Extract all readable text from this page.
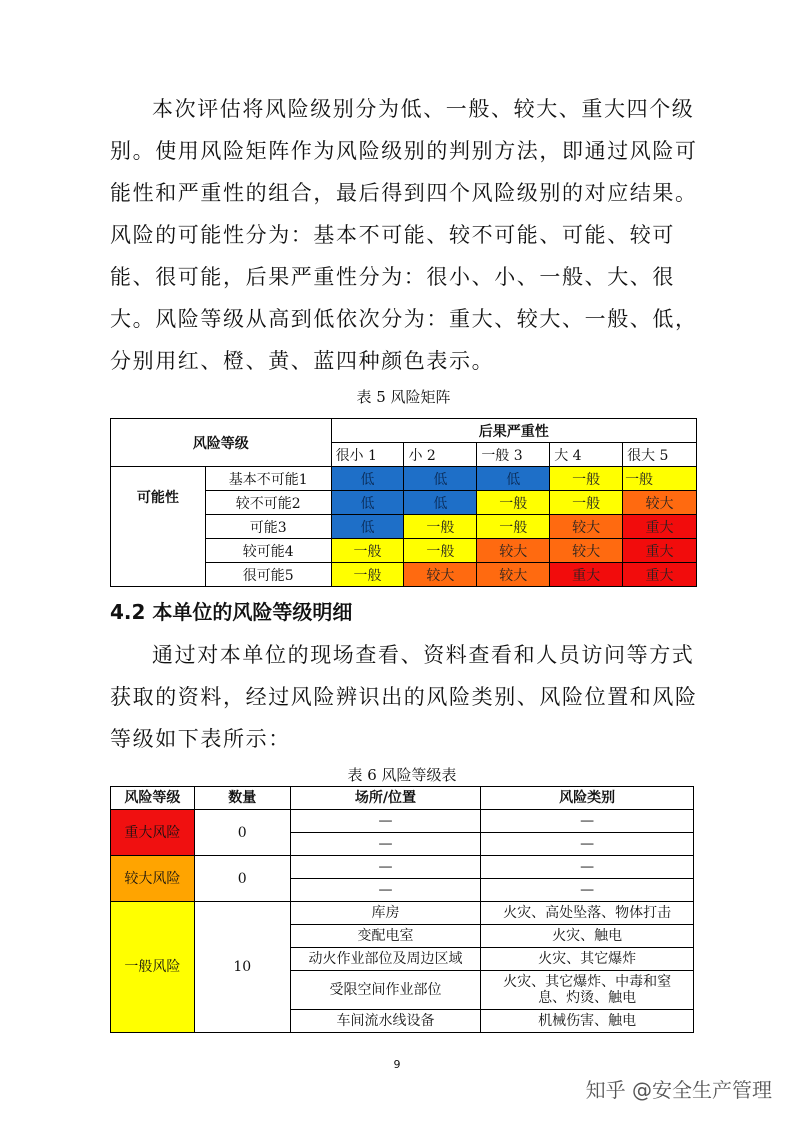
本次评估将风险级别分为低、一般、较大、重大四个级别。使用风险矩阵作为风险级别的判别方法，即通过风险可能性和严重性的组合，最后得到四个风险级别的对应结果。风险的可能性分为：基本不可能、较不可能、可能、较可能、很可能，后果严重性分为：很小、小、一般、大、很大。风险等级从高到低依次分为：重大、较大、一般、低，分别用红、橙、黄、蓝四种颜色表示。

表 5 风险矩阵

风险等级		后果严重性				
		很小 1	小 2	一般 3	大 4	很大 5
可能性	基本不可能1	低	低	低	一般	一般
	较不可能2	低	低	一般	一般	较大
	可能3	低	一般	一般	较大	重大
	较可能4	一般	一般	较大	较大	重大
	很可能5	一般	较大	较大	重大	重大
4.2 本单位的风险等级明细

通过对本单位的现场查看、资料查看和人员访问等方式获取的资料，经过风险辨识出的风险类别、风险位置和风险等级如下表所示：

表 6 风险等级表

风险等级	数量	场所/位置	风险类别
重大风险	0	—	—
		—	—
较大风险	0	—	—
		—	—
一般风险	10	库房	火灾、高处坠落、物体打击
		变配电室	火灾、触电
		动火作业部位及周边区域	火灾、其它爆炸
		受限空间作业部位	火灾、其它爆炸、中毒和窒息、灼烫、触电
		车间流水线设备	机械伤害、触电

9

知乎 @安全生产管理
